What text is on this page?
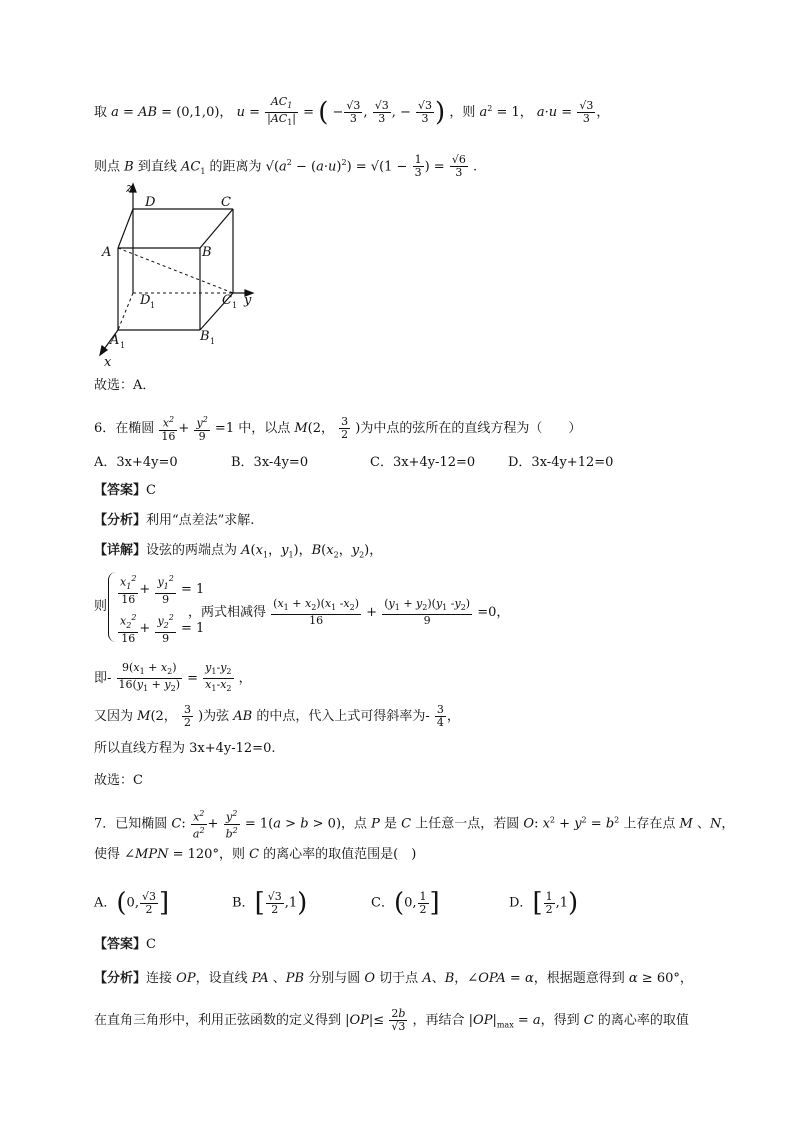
取 a = AB = (0,1,0)， $u = \frac{AC_1}{|AC_1|}$ = ( − $\frac{√3}{3}$ , $\frac{√3}{3}$ , − $\frac{√3}{3}$ ) ，则 $a^2 = 1$， $a\cdot u = \frac{√3}{3}$ ，
则点 B 到直线 $AC_1$ 的距离为 $√(a^2 - (a\cdot u)^2) = √(1 - \frac{1}{3}$ ) = $\frac{√6}{3}$ .
z
D	C
A	B
D 1	C 1 y
A 1
B 1
x
故选：A．
6．在椭圆 $\frac{x^2}{16} + \frac{y^2}{9} =1$ 中，以点 M(2， $\frac{3}{2}$ )为中点的弦所在的直线方程为（　　）
A．3x+4y=0	B．3x-4y=0	C．3x+4y-12=0	D．3x-4y+12=0
【答案】C
【分析】利用“点差法”求解.
【详解】设弦的两端点为 $A(x_1$，$y_1$)，$B(x_2$，$y_2$)，
则
$\frac{x_1^2}{16} + \frac{y_1^2}{9} = 1$
$\frac{x_2^2}{16} + \frac{y_2^2}{9} = 1$
，两式相减得 $\frac{(x_1 + x_2)(x_1 -x_2)}{16} + \frac{(y_1 + y_2)(y_1 -y_2)}{9} =0$，
即- $\frac{9(x_1 + x_2)}{16(y_1 + y_2)} = \frac{y_1-y_2}{x_1-x_2}$ ，
又因为 M(2， $\frac{3}{2}$ )为弦 AB 的中点，代入上式可得斜率为- $\frac{3}{4}$ ，
所以直线方程为 3x+4y-12=0.
故选：C
7．已知椭圆 C: $\frac{x^2}{a^2} + \frac{y^2}{b^2} = 1(a > b > 0)$，点 P 是 C 上任意一点，若圆 O: $x^2 + y^2 = b^2$ 上存在点 M 、N，
使得 ∠MPN = 120°，则 C 的离心率的取值范围是(　)
A．(0, $\frac{√3}{2}$ ]	B．[ $\frac{√3}{2} ,1$)	C．(0, $\frac{1}{2}$ ]	D．[ $\frac{1}{2} ,1$)
【答案】C
【分析】连接 OP，设直线 PA 、PB 分别与圆 O 切于点 A、B，∠OPA = α，根据题意得到 α ≥ 60°，
在直角三角形中，利用正弦函数的定义得到 $|OP|\le \frac{2b}{√3}$ ，再结合 $|OP|_{max} = a$，得到 C 的离心率的取值
